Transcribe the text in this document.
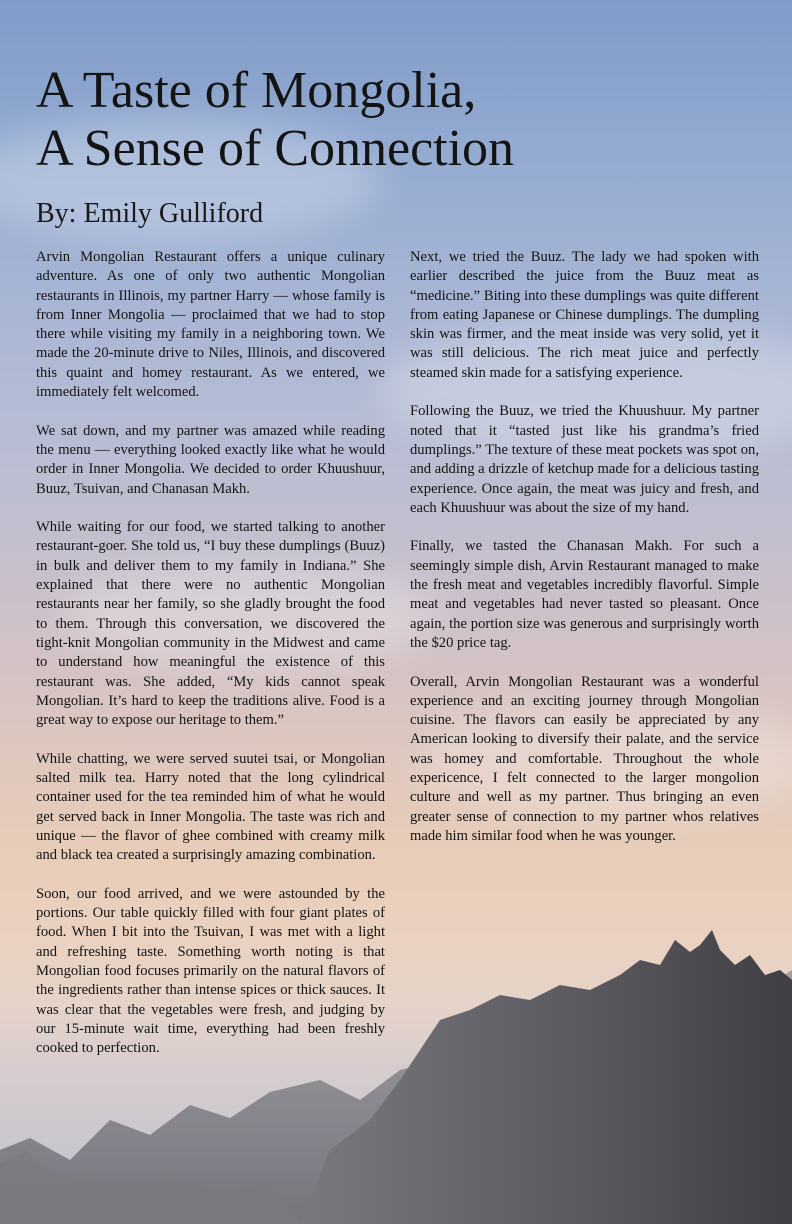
A Taste of Mongolia,
A Sense of Connection
By: Emily Gulliford

Arvin Mongolian Restaurant offers a unique culinary adventure. As one of only two authentic Mongolian restaurants in Illinois, my partner Harry — whose family is from Inner Mongolia — proclaimed that we had to stop there while visiting my family in a neighboring town. We made the 20-minute drive to Niles, Illinois, and discovered this quaint and homey restaurant. As we entered, we immediately felt welcomed.

We sat down, and my partner was amazed while reading the menu — everything looked exactly like what he would order in Inner Mongolia. We decided to order Khuushuur, Buuz, Tsuivan, and Chanasan Makh.

While waiting for our food, we started talking to another restaurant-goer. She told us, “I buy these dumplings (Buuz) in bulk and deliver them to my family in Indiana.” She explained that there were no authentic Mongolian restaurants near her family, so she gladly brought the food to them. Through this conversation, we discovered the tight-knit Mongolian community in the Midwest and came to understand how meaningful the existence of this restaurant was. She added, “My kids cannot speak Mongolian. It’s hard to keep the traditions alive. Food is a great way to expose our heritage to them.”

While chatting, we were served suutei tsai, or Mongolian salted milk tea. Harry noted that the long cylindrical container used for the tea reminded him of what he would get served back in Inner Mongolia. The taste was rich and unique — the flavor of ghee combined with creamy milk and black tea created a surprisingly amazing combination.

Soon, our food arrived, and we were astounded by the portions. Our table quickly filled with four giant plates of food. When I bit into the Tsuivan, I was met with a light and refreshing taste. Something worth noting is that Mongolian food focuses primarily on the natural flavors of the ingredients rather than intense spices or thick sauces. It was clear that the vegetables were fresh, and judging by our 15-minute wait time, everything had been freshly cooked to perfection.

Next, we tried the Buuz. The lady we had spoken with earlier described the juice from the Buuz meat as “medicine.” Biting into these dumplings was quite different from eating Japanese or Chinese dumplings. The dumpling skin was firmer, and the meat inside was very solid, yet it was still delicious. The rich meat juice and perfectly steamed skin made for a satisfying experience.

Following the Buuz, we tried the Khuushuur. My partner noted that it “tasted just like his grandma’s fried dumplings.” The texture of these meat pockets was spot on, and adding a drizzle of ketchup made for a delicious tasting experience. Once again, the meat was juicy and fresh, and each Khuushuur was about the size of my hand.

Finally, we tasted the Chanasan Makh. For such a seemingly simple dish, Arvin Restaurant managed to make the fresh meat and vegetables incredibly flavorful. Simple meat and vegetables had never tasted so pleasant. Once again, the portion size was generous and surprisingly worth the $20 price tag.

Overall, Arvin Mongolian Restaurant was a wonderful experience and an exciting journey through Mongolian cuisine. The flavors can easily be appreciated by any American looking to diversify their palate, and the service was homey and comfortable. Throughout the whole expericence, I felt connected to the larger mongolion culture and well as my partner. Thus bringing an even greater sense of connection to my partner whos relatives made him similar food when he was younger.
